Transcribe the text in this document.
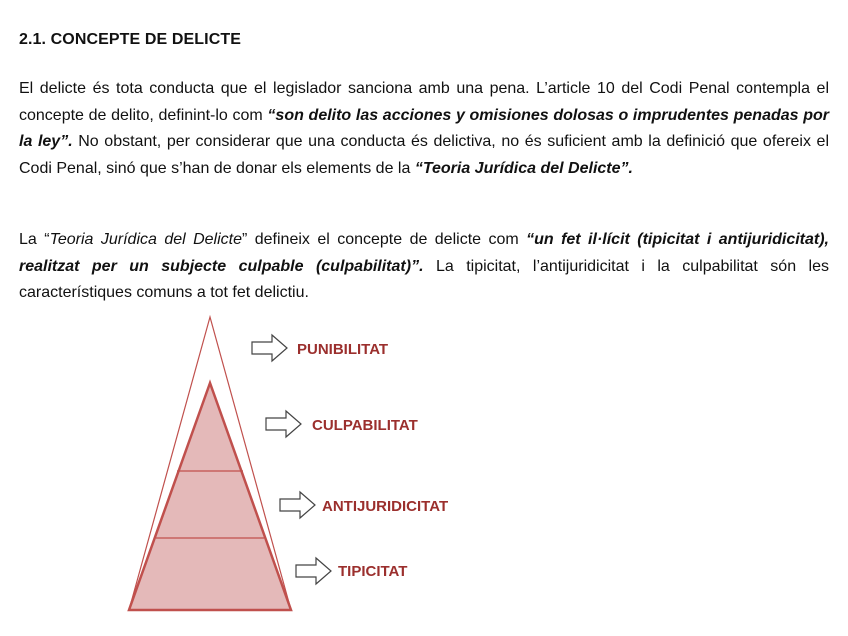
2.1. CONCEPTE DE DELICTE

El delicte és tota conducta que el legislador sanciona amb una pena. L’article 10 del Codi Penal contempla el concepte de delito, definint-lo com “son delito las acciones y omisiones dolosas o imprudentes penadas por la ley”. No obstant, per considerar que una conducta és delictiva, no és suficient amb la definició que ofereix el Codi Penal, sinó que s’han de donar els elements de la “Teoria Jurídica del Delicte”.

La “Teoria Jurídica del Delicte” defineix el concepte de delicte com “un fet il·lícit (tipicitat i antijuridicitat), realitzat per un subjecte culpable (culpabilitat)”. La tipicitat, l’antijuridicitat i la culpabilitat són les característiques comuns a tot fet delictiu.

PUNIBILITAT
CULPABILITAT
ANTIJURIDICITAT
TIPICITAT
